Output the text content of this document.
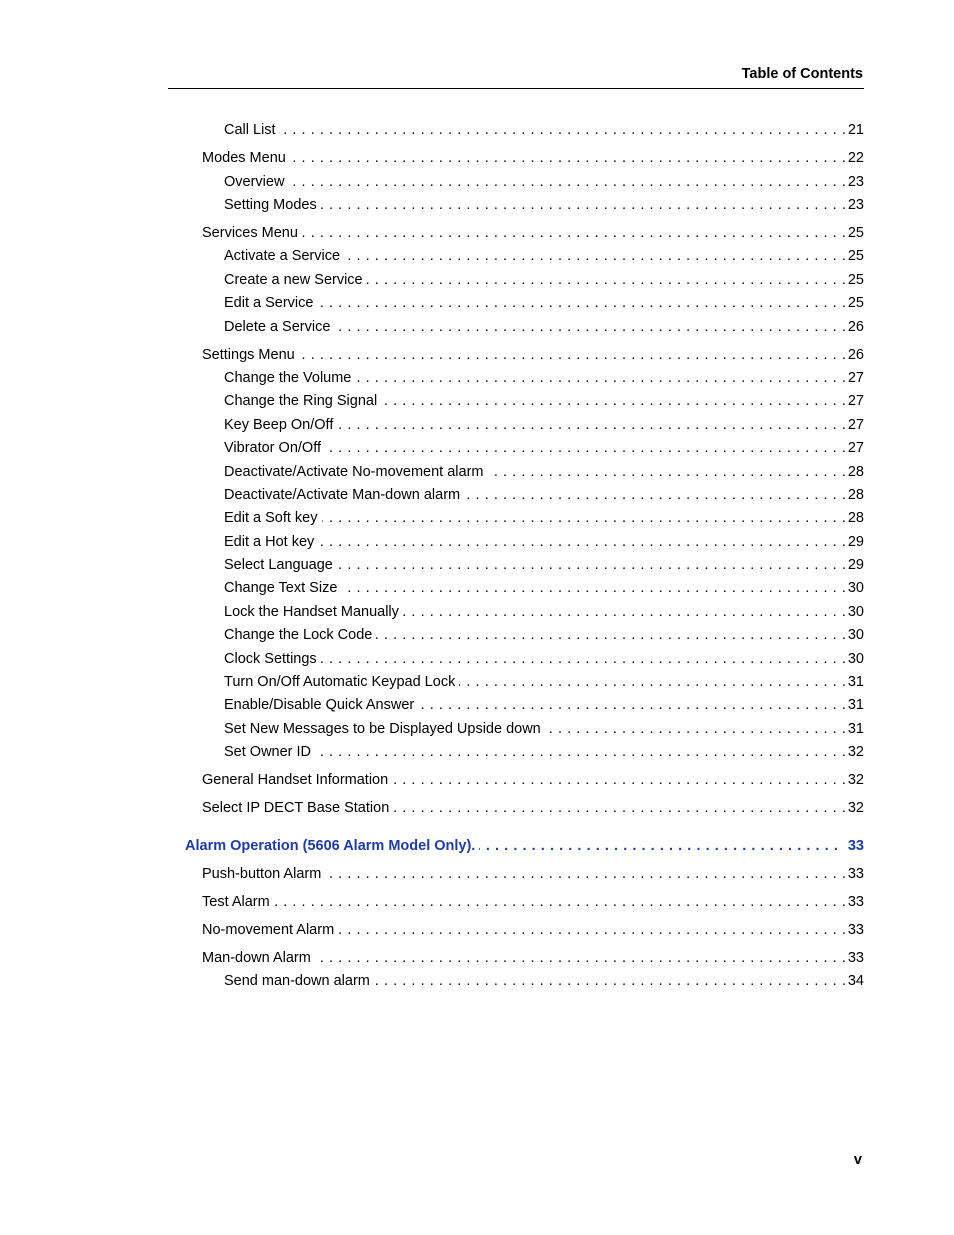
Table of Contents
Call List . . .	21
Modes Menu . . .	22
Overview . . .	23
Setting Modes . . .	23
Services Menu . . .	25
Activate a Service . . .	25
Create a new Service . . .	25
Edit a Service . . .	25
Delete a Service . . .	26
Settings Menu . . .	26
Change the Volume . . .	27
Change the Ring Signal . . .	27
Key Beep On/Off . . .	27
Vibrator On/Off . . .	27
Deactivate/Activate No-movement alarm . . .	28
Deactivate/Activate Man-down alarm . . .	28
Edit a Soft key . . .	28
Edit a Hot key . . .	29
Select Language . . .	29
Change Text Size . . .	30
Lock the Handset Manually . . .	30
Change the Lock Code . . .	30
Clock Settings . . .	30
Turn On/Off Automatic Keypad Lock . . .	31
Enable/Disable Quick Answer . . .	31
Set New Messages to be Displayed Upside down . . .	31
Set Owner ID . . .	32
General Handset Information . . .	32
Select IP DECT Base Station . . .	32
Alarm Operation (5606 Alarm Model Only). . . .	33
Push-button Alarm . . .	33
Test Alarm . . .	33
No-movement Alarm . . .	33
Man-down Alarm . . .	33
Send man-down alarm . . .	34
v
